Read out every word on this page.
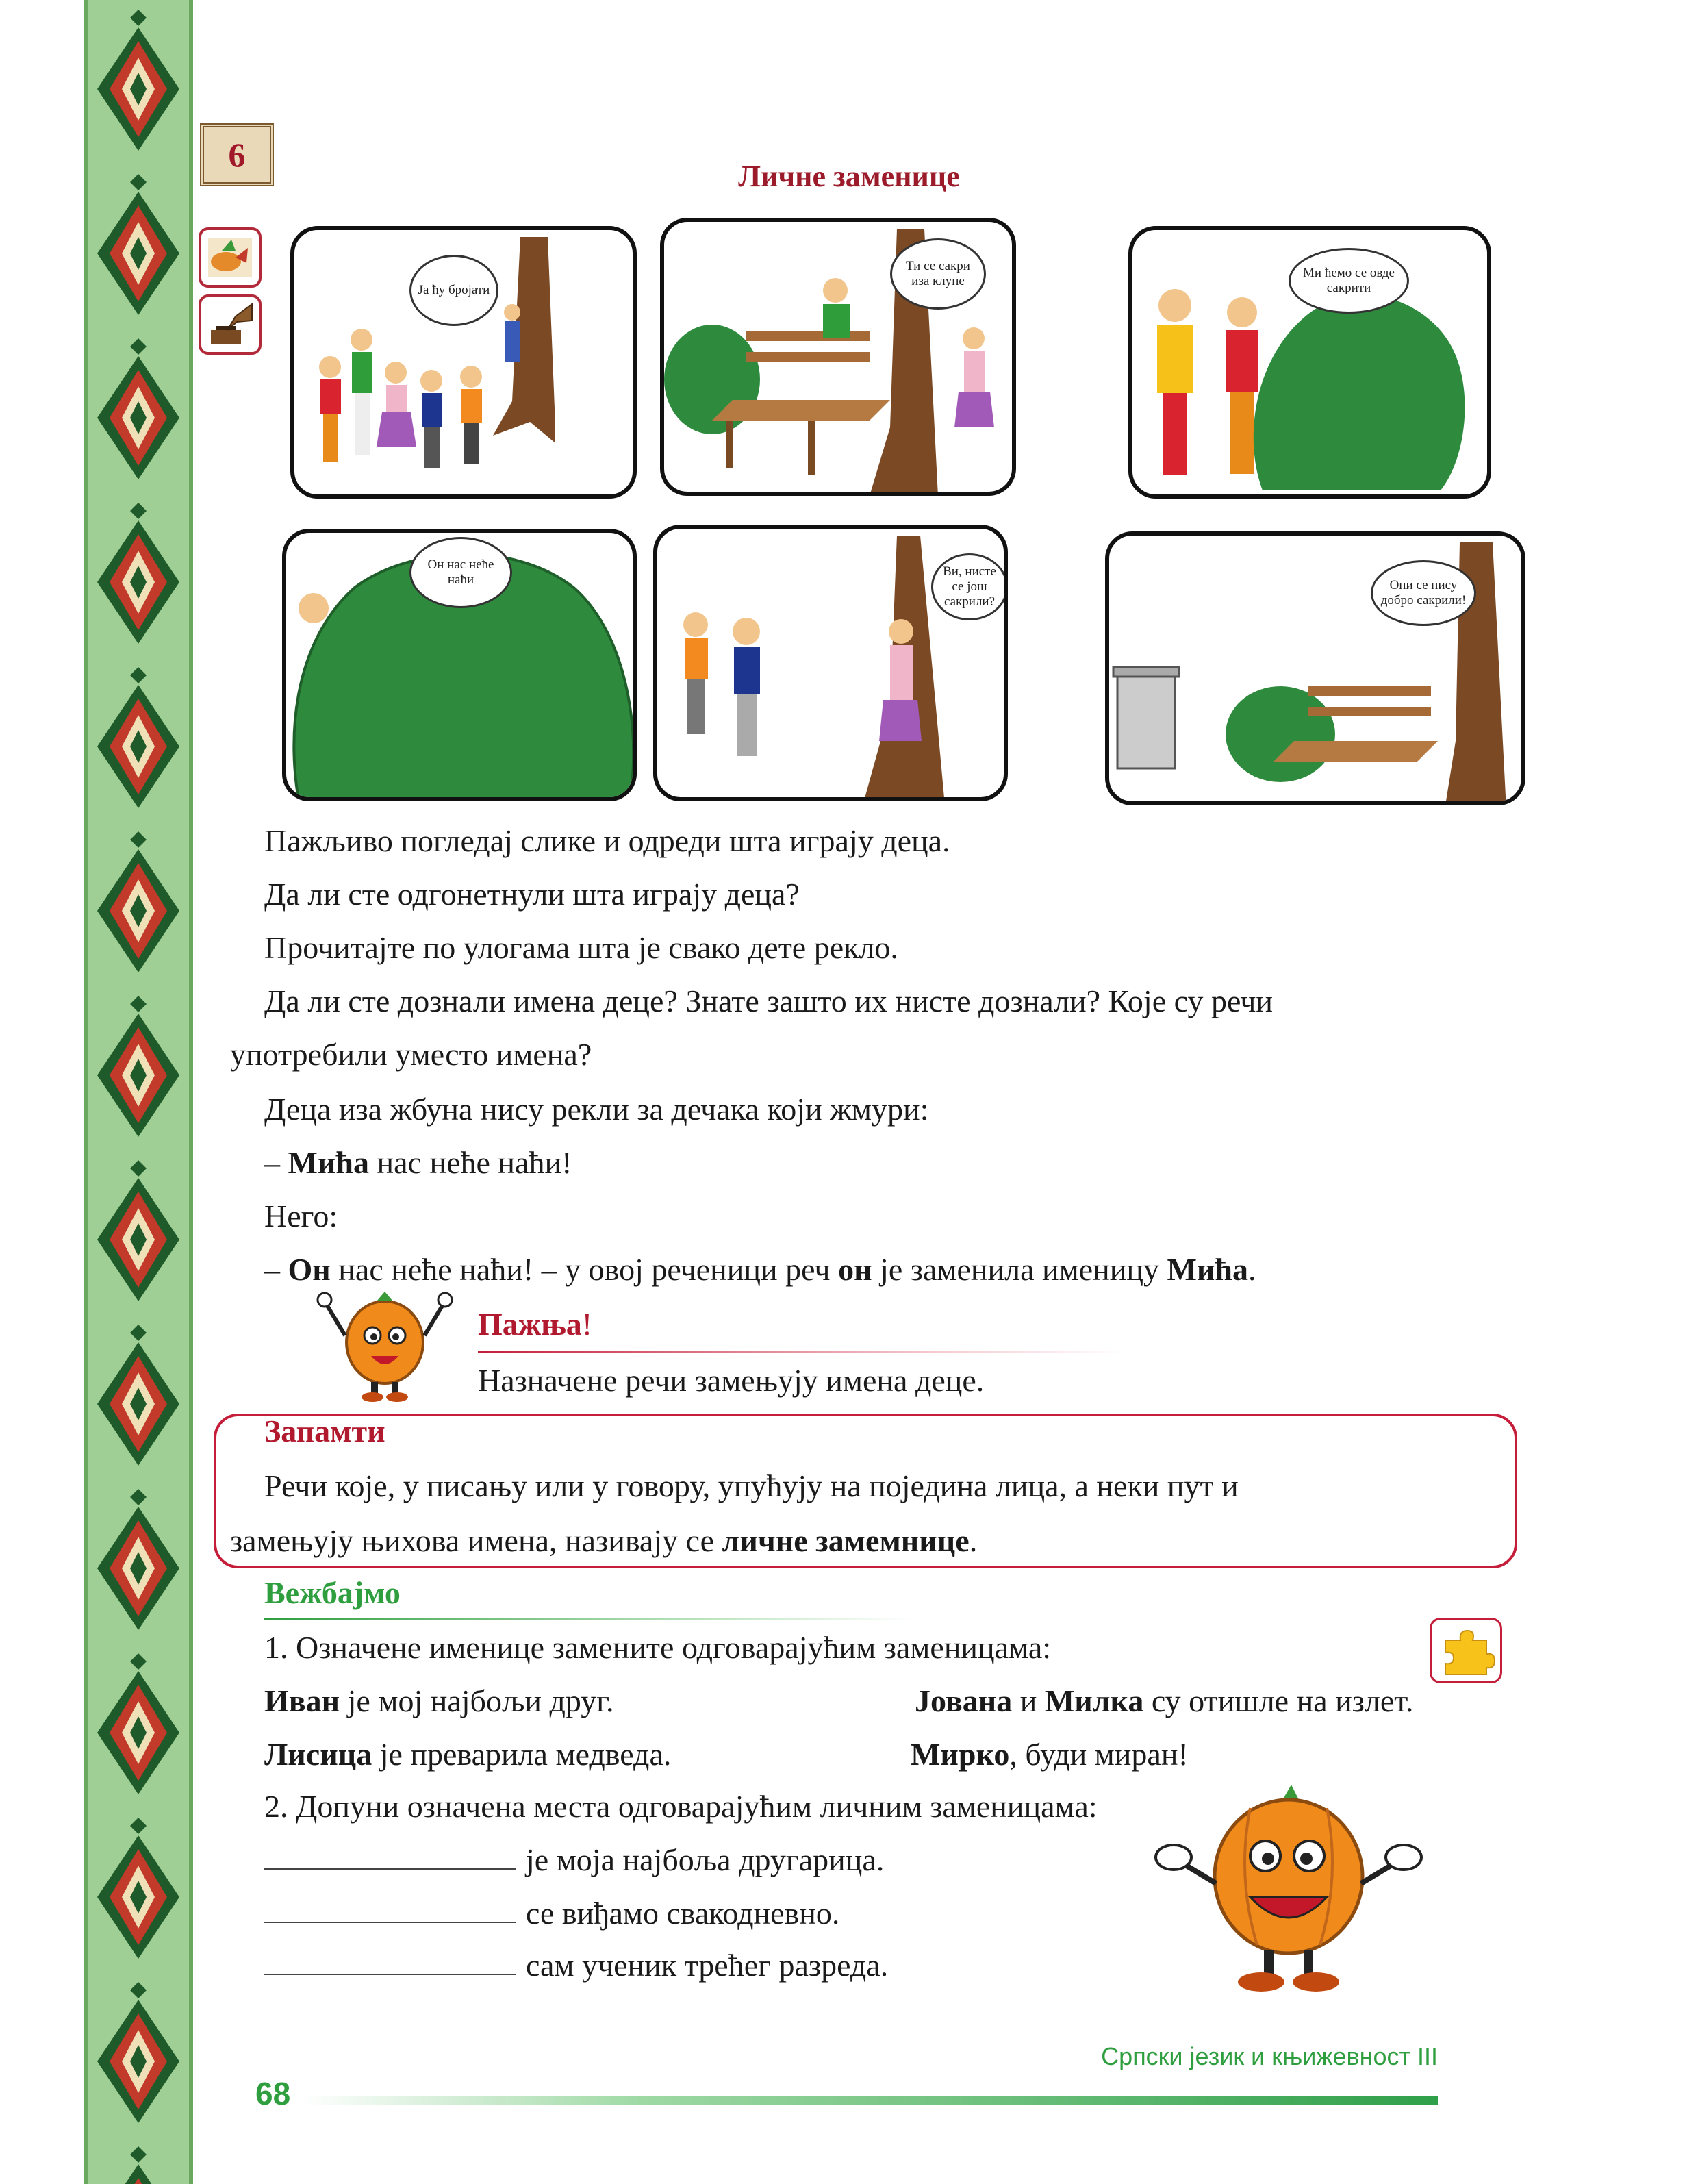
6
Личне заменице
Ја ћу бројати
Ти се сакри иза клупе
Ми ћемо се овде сакрити
Он нас неће наћи
Ви, нисте се још сакрили?
Они се нису добро сакрили!
Пажљиво погледај слике и одреди шта играју деца.
Да ли сте одгонетнули шта играју деца?
Прочитајте по улогама шта је свако дете рекло.
Да ли сте дознали имена деце? Знате зашто их нисте дознали? Које су речи
употребили уместо имена?
Деца иза жбуна нису рекли за дечака који жмури:
– Мића нас неће наћи!
Него:
– Он нас неће наћи! – у овој реченици реч он је заменила именицу Мића.
Пажња!
Назначене речи замењују имена деце.
Запамти
Речи које, у писању или у говору, упућују на поједина лица, а неки пут и
замењују њихова имена, називају се личне замемнице.
Вежбајмо
1. Означене именице замените одговарајућим заменицама:
Иван је мој најбољи друг.	Јована и Милка су отишле на излет.
Лисица је преварила медведа.	Мирко, буди миран!
2. Допуни означена места одговарајућим личним заменицама:
је моја најбоља другарица.
се виђамо свакодневно.
сам ученик трећег разреда.
Српски језик и књижевност III
68
